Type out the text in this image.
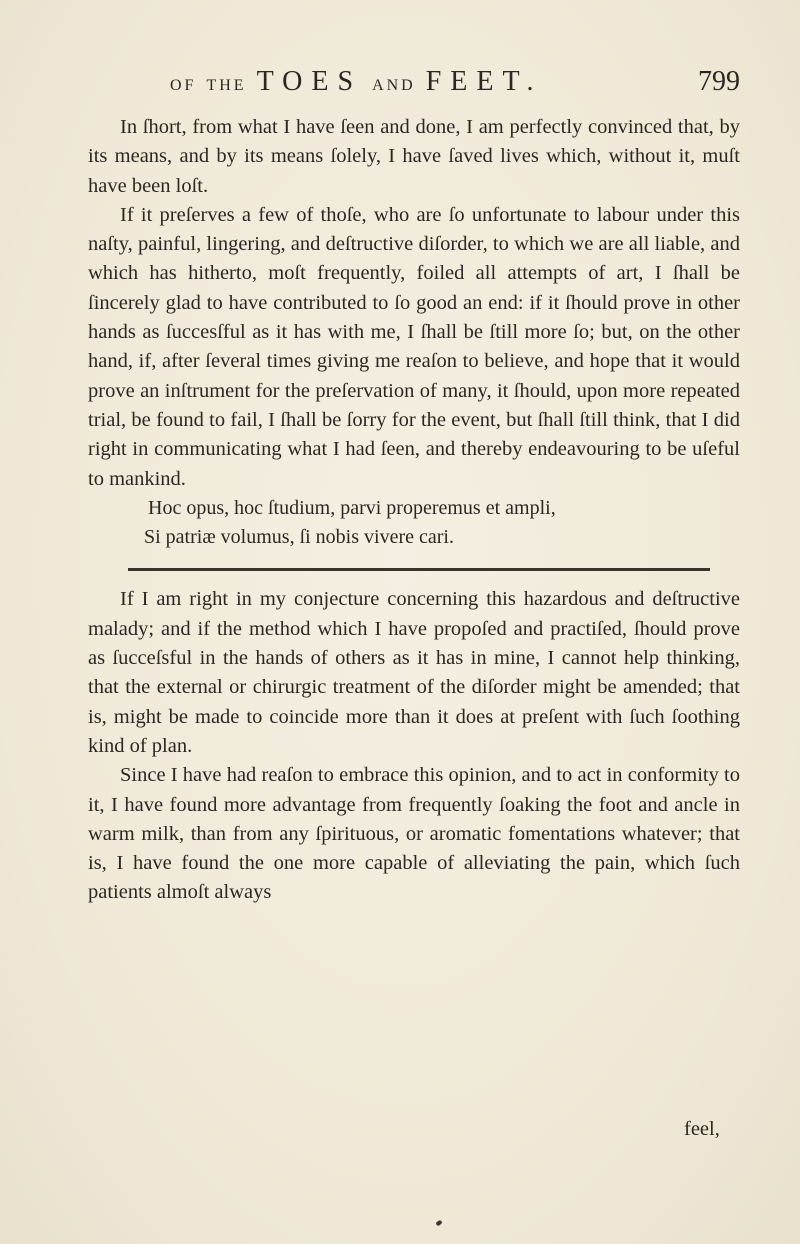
OF THE TOES AND FEET.	799

In ſhort, from what I have ſeen and done, I am perfectly convinced that, by its means, and by its means ſolely, I have ſaved lives which, without it, muſt have been loſt.

If it preſerves a few of thoſe, who are ſo unfortunate to labour under this naſty, painful, lingering, and deſtructive diſorder, to which we are all liable, and which has hitherto, moſt frequently, foiled all attempts of art, I ſhall be ſincerely glad to have contributed to ſo good an end: if it ſhould prove in other hands as ſuccesſful as it has with me, I ſhall be ſtill more ſo; but, on the other hand, if, after ſeveral times giving me reaſon to believe, and hope that it would prove an inſtrument for the preſervation of many, it ſhould, upon more repeated trial, be found to fail, I ſhall be ſorry for the event, but ſhall ſtill think, that I did right in communicating what I had ſeen, and thereby endeavouring to be uſeful to mankind.

Hoc opus, hoc ſtudium, parvi properemus et ampli,
Si patriæ volumus, ſi nobis vivere cari.

If I am right in my conjecture concerning this hazardous and deſtructive malady; and if the method which I have propoſed and practiſed, ſhould prove as ſucceſsful in the hands of others as it has in mine, I cannot help thinking, that the external or chirurgic treatment of the diſorder might be amended; that is, might be made to coincide more than it does at preſent with ſuch ſoothing kind of plan.

Since I have had reaſon to embrace this opinion, and to act in conformity to it, I have found more advantage from frequently ſoaking the foot and ancle in warm milk, than from any ſpirituous, or aromatic fomentations whatever; that is, I have found the one more capable of alleviating the pain, which ſuch patients almoſt always

feel,
